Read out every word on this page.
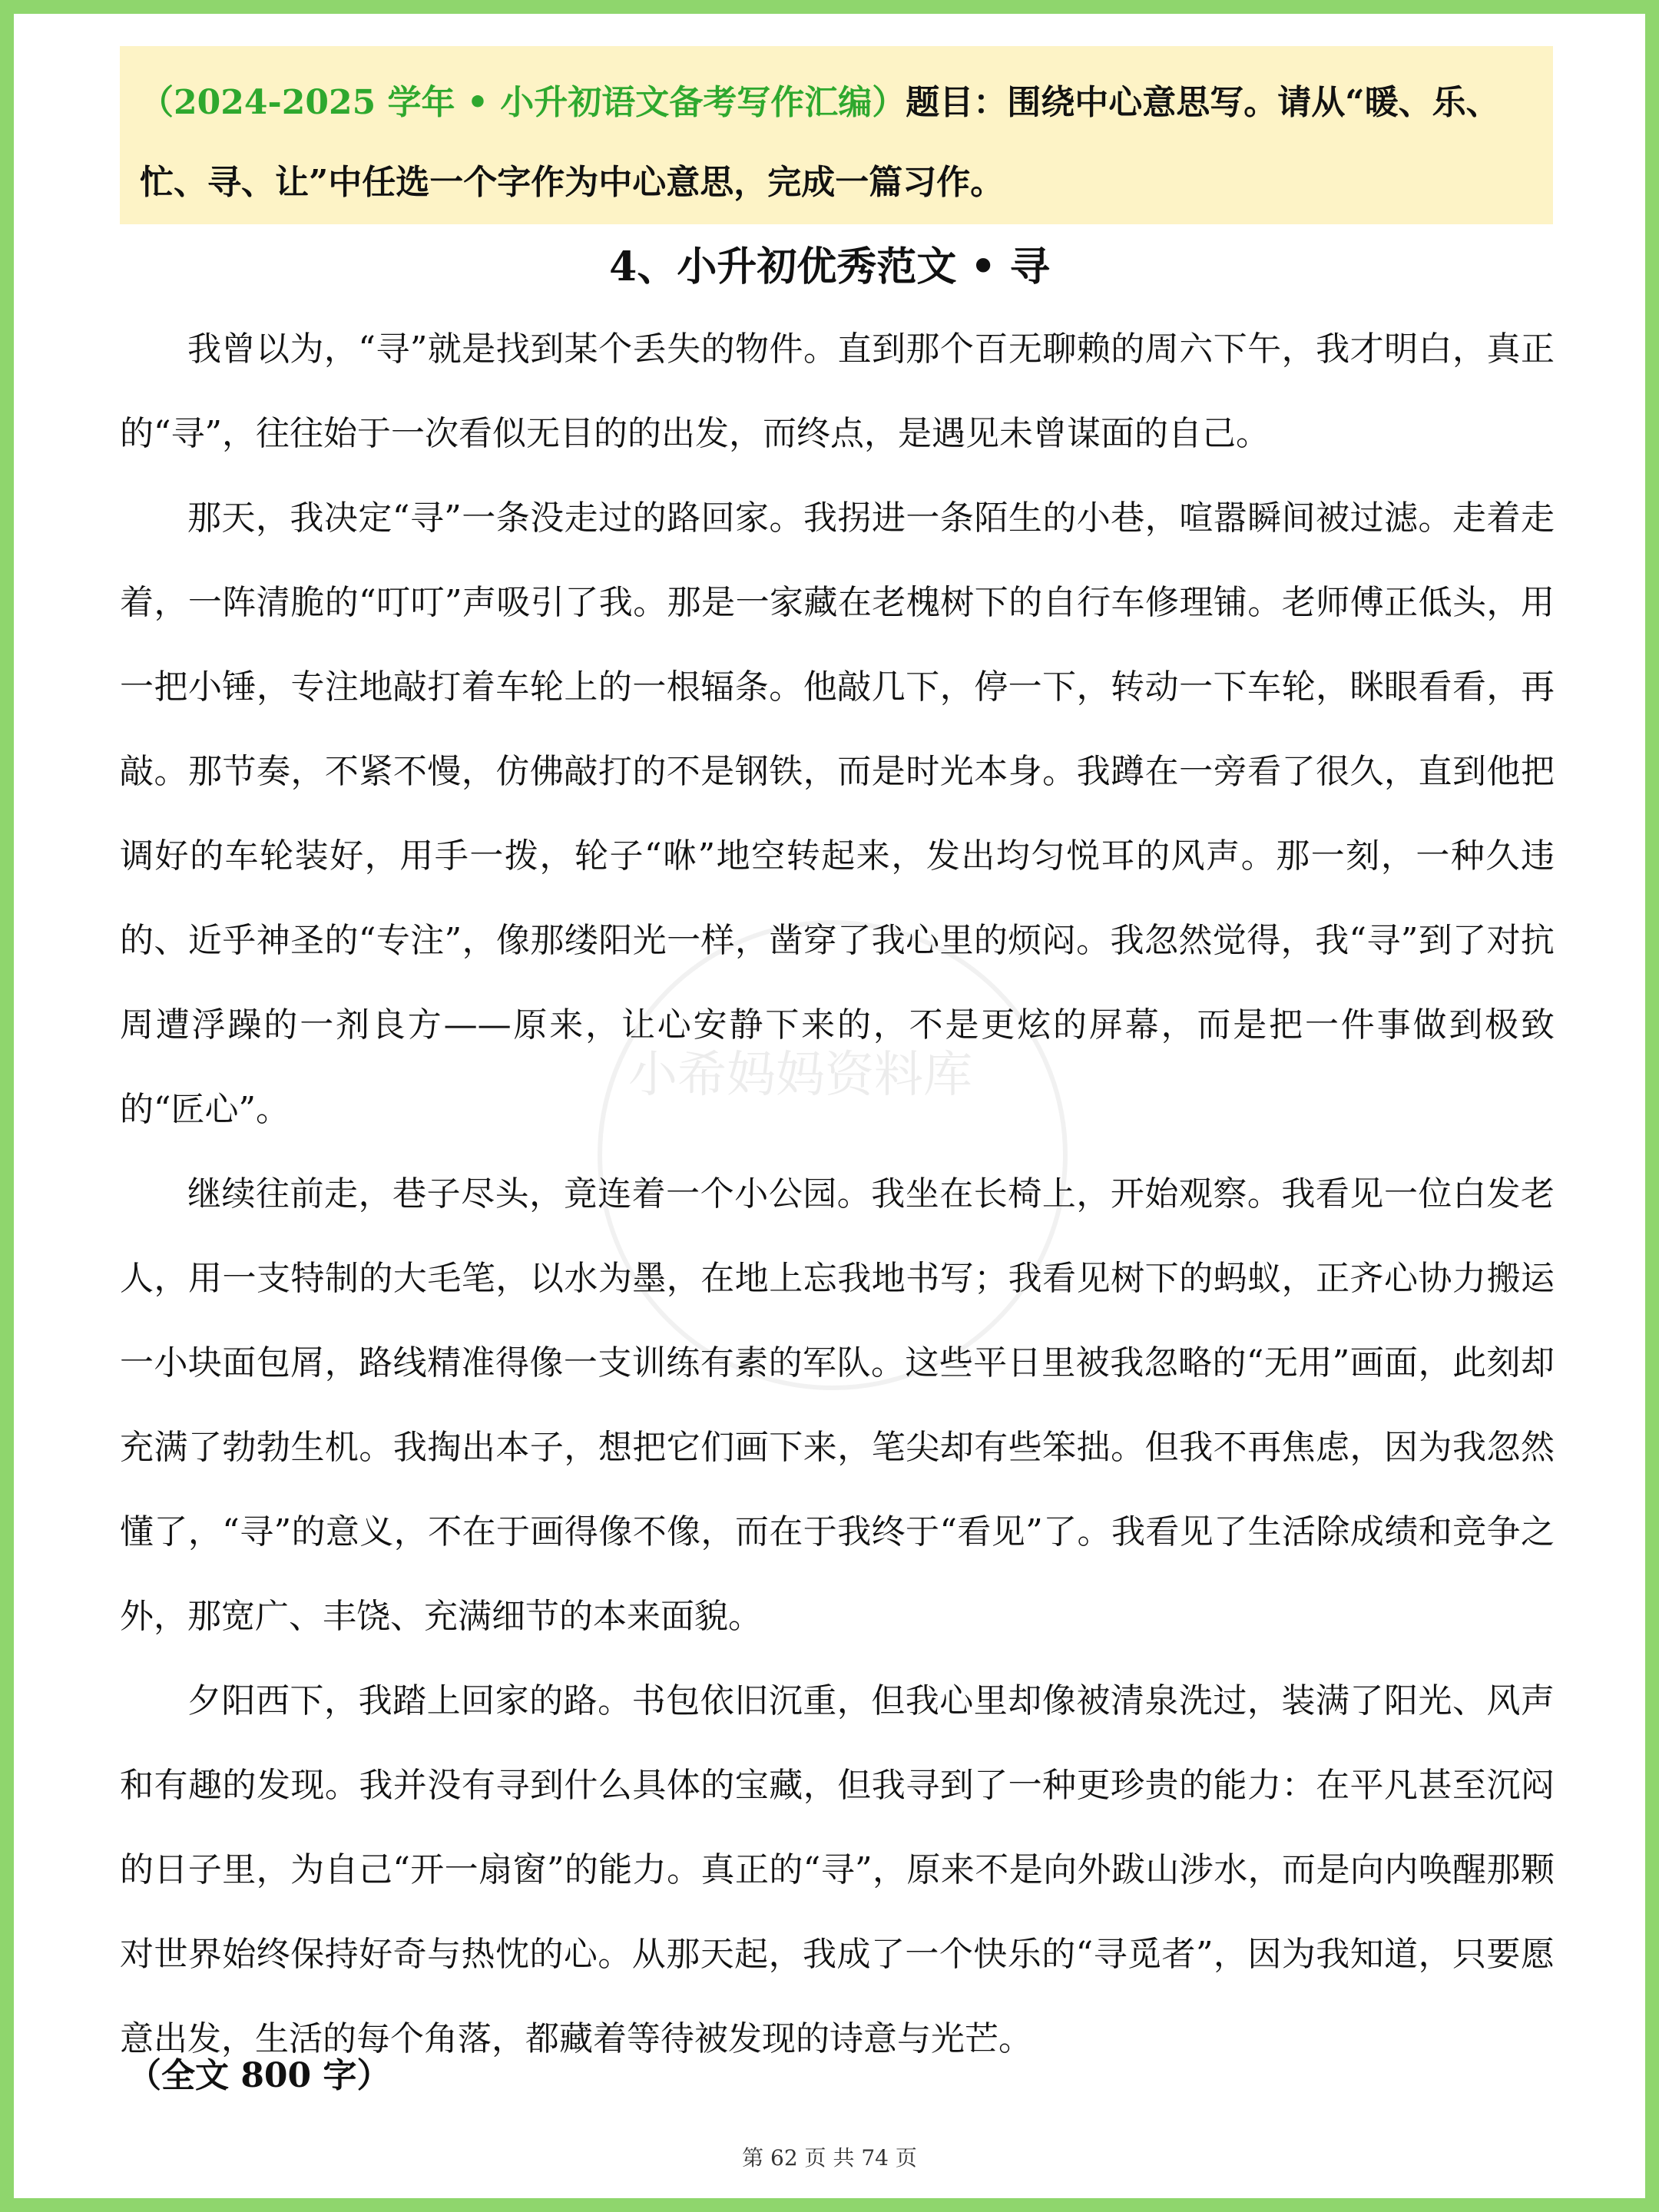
小希妈妈资料库
（2024-2025 学年 • 小升初语文备考写作汇编）题目：围绕中心意思写。请从“暖、乐、忙、寻、让”中任选一个字作为中心意思，完成一篇习作。
4、小升初优秀范文 • 寻

我曾以为，“寻”就是找到某个丢失的物件。直到那个百无聊赖的周六下午，我才明白，真正的“寻”，往往始于一次看似无目的的出发，而终点，是遇见未曾谋面的自己。

那天，我决定“寻”一条没走过的路回家。我拐进一条陌生的小巷，喧嚣瞬间被过滤。走着走着，一阵清脆的“叮叮”声吸引了我。那是一家藏在老槐树下的自行车修理铺。老师傅正低头，用一把小锤，专注地敲打着车轮上的一根辐条。他敲几下，停一下，转动一下车轮，眯眼看看，再敲。那节奏，不紧不慢，仿佛敲打的不是钢铁，而是时光本身。我蹲在一旁看了很久，直到他把调好的车轮装好，用手一拨，轮子“咻”地空转起来，发出均匀悦耳的风声。那一刻，一种久违的、近乎神圣的“专注”，像那缕阳光一样，凿穿了我心里的烦闷。我忽然觉得，我“寻”到了对抗周遭浮躁的一剂良方——原来，让心安静下来的，不是更炫的屏幕，而是把一件事做到极致的“匠心”。

继续往前走，巷子尽头，竟连着一个小公园。我坐在长椅上，开始观察。我看见一位白发老人，用一支特制的大毛笔，以水为墨，在地上忘我地书写；我看见树下的蚂蚁，正齐心协力搬运一小块面包屑，路线精准得像一支训练有素的军队。这些平日里被我忽略的“无用”画面，此刻却充满了勃勃生机。我掏出本子，想把它们画下来，笔尖却有些笨拙。但我不再焦虑，因为我忽然懂了，“寻”的意义，不在于画得像不像，而在于我终于“看见”了。我看见了生活除成绩和竞争之外，那宽广、丰饶、充满细节的本来面貌。

夕阳西下，我踏上回家的路。书包依旧沉重，但我心里却像被清泉洗过，装满了阳光、风声和有趣的发现。我并没有寻到什么具体的宝藏，但我寻到了一种更珍贵的能力：在平凡甚至沉闷的日子里，为自己“开一扇窗”的能力。真正的“寻”，原来不是向外跋山涉水，而是向内唤醒那颗对世界始终保持好奇与热忱的心。从那天起，我成了一个快乐的“寻觅者”，因为我知道，只要愿意出发，生活的每个角落，都藏着等待被发现的诗意与光芒。

（全文 800 字）
第 62 页 共 74 页
